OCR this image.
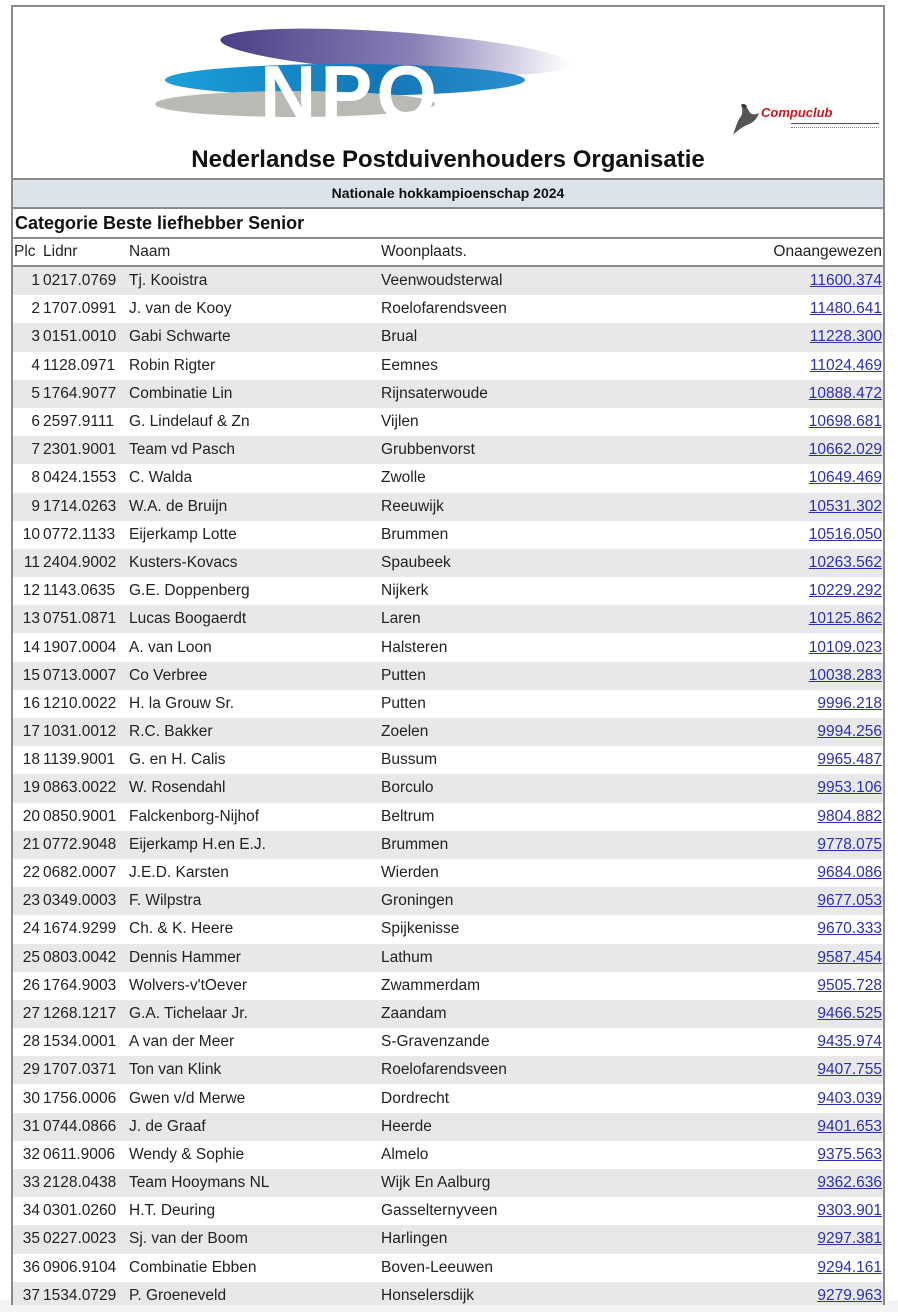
NPO	Compuclub
Nederlandse Postduivenhouders Organisatie
Nationale hokkampioenschap 2024
Categorie Beste liefhebber Senior
Plc	Lidnr	Naam	Woonplaats.	Onaangewezen
1	0217.0769	Tj. Kooistra	Veenwoudsterwal	11600.374
2	1707.0991	J. van de Kooy	Roelofarendsveen	11480.641
3	0151.0010	Gabi Schwarte	Brual	11228.300
4	1128.0971	Robin Rigter	Eemnes	11024.469
5	1764.9077	Combinatie Lin	Rijnsaterwoude	10888.472
6	2597.9111	G. Lindelauf & Zn	Vijlen	10698.681
7	2301.9001	Team vd Pasch	Grubbenvorst	10662.029
8	0424.1553	C. Walda	Zwolle	10649.469
9	1714.0263	W.A. de Bruijn	Reeuwijk	10531.302
10	0772.1133	Eijerkamp Lotte	Brummen	10516.050
11	2404.9002	Kusters-Kovacs	Spaubeek	10263.562
12	1143.0635	G.E. Doppenberg	Nijkerk	10229.292
13	0751.0871	Lucas Boogaerdt	Laren	10125.862
14	1907.0004	A. van Loon	Halsteren	10109.023
15	0713.0007	Co Verbree	Putten	10038.283
16	1210.0022	H. la Grouw Sr.	Putten	9996.218
17	1031.0012	R.C. Bakker	Zoelen	9994.256
18	1139.9001	G. en H. Calis	Bussum	9965.487
19	0863.0022	W. Rosendahl	Borculo	9953.106
20	0850.9001	Falckenborg-Nijhof	Beltrum	9804.882
21	0772.9048	Eijerkamp H.en E.J.	Brummen	9778.075
22	0682.0007	J.E.D. Karsten	Wierden	9684.086
23	0349.0003	F. Wilpstra	Groningen	9677.053
24	1674.9299	Ch. & K. Heere	Spijkenisse	9670.333
25	0803.0042	Dennis Hammer	Lathum	9587.454
26	1764.9003	Wolvers-v'tOever	Zwammerdam	9505.728
27	1268.1217	G.A. Tichelaar Jr.	Zaandam	9466.525
28	1534.0001	A van der Meer	S-Gravenzande	9435.974
29	1707.0371	Ton van Klink	Roelofarendsveen	9407.755
30	1756.0006	Gwen v/d Merwe	Dordrecht	9403.039
31	0744.0866	J. de Graaf	Heerde	9401.653
32	0611.9006	Wendy & Sophie	Almelo	9375.563
33	2128.0438	Team Hooymans NL	Wijk En Aalburg	9362.636
34	0301.0260	H.T. Deuring	Gasselternyveen	9303.901
35	0227.0023	Sj. van der Boom	Harlingen	9297.381
36	0906.9104	Combinatie Ebben	Boven-Leeuwen	9294.161
37	1534.0729	P. Groeneveld	Honselersdijk	9279.963
